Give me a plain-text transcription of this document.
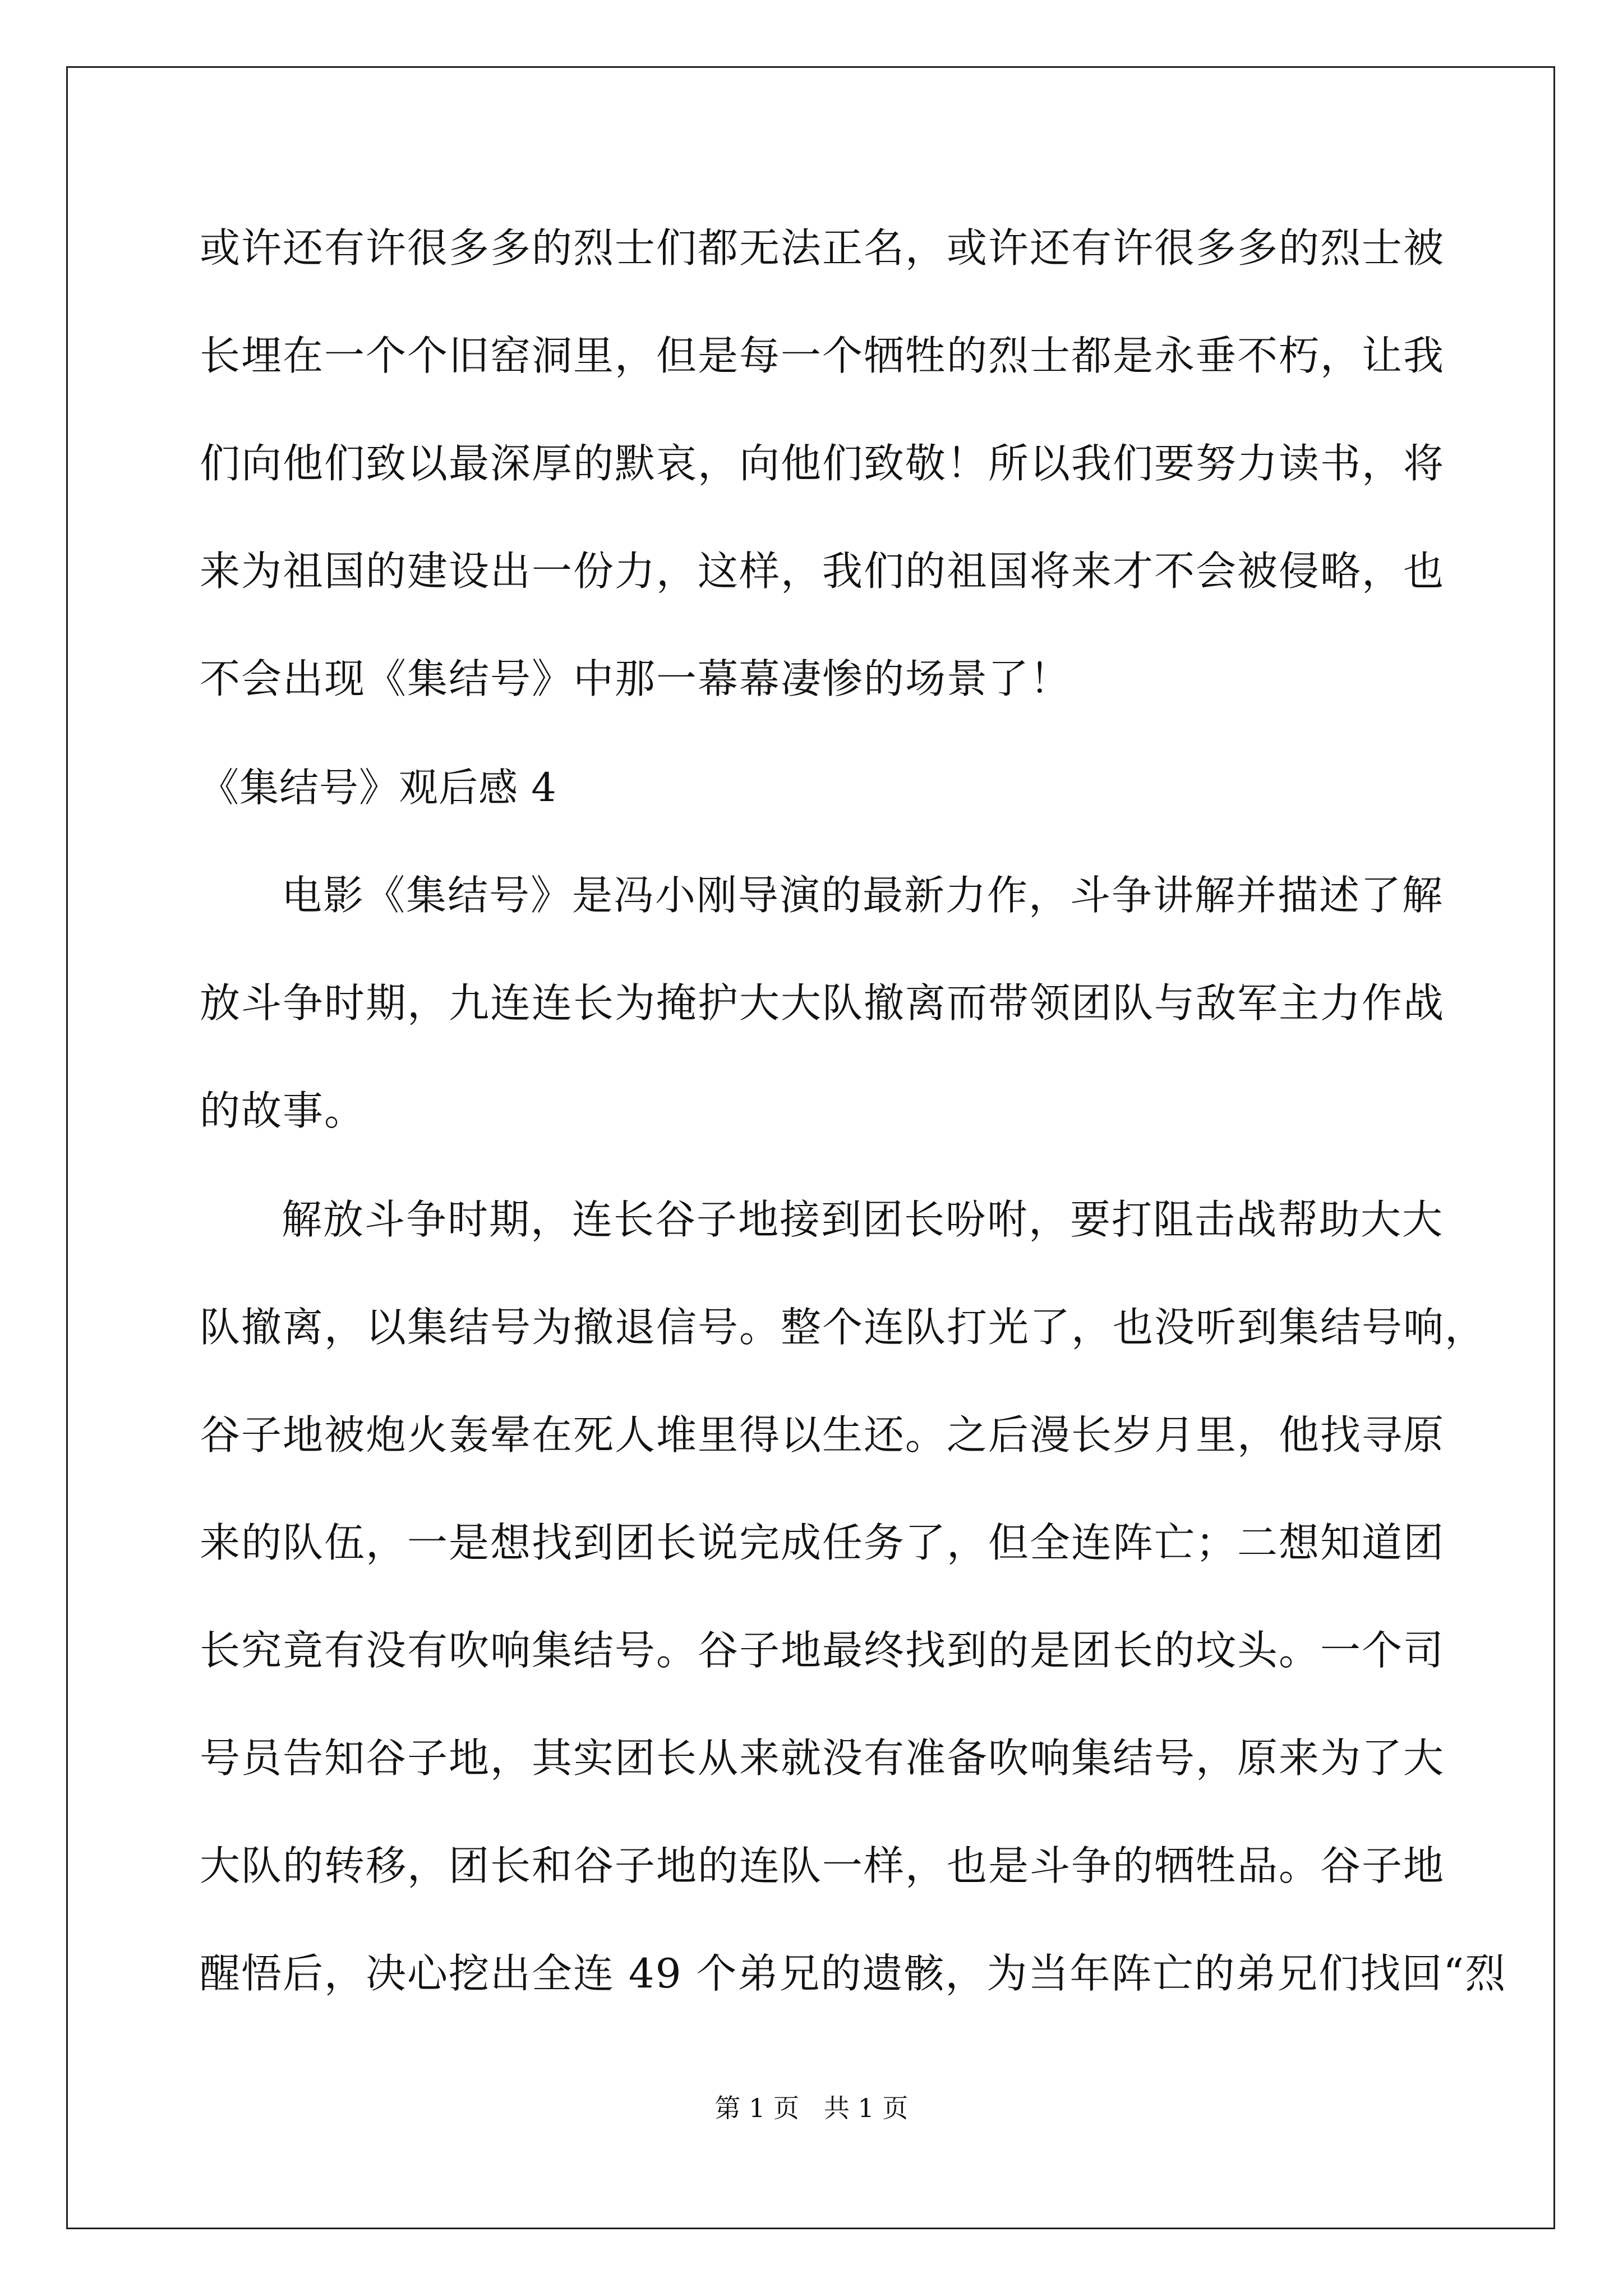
或许还有许很多多的烈士们都无法正名，或许还有许很多多的烈士被
长埋在一个个旧窑洞里，但是每一个牺牲的烈士都是永垂不朽，让我
们向他们致以最深厚的默哀，向他们致敬！所以我们要努力读书，将
来为祖国的建设出一份力，这样，我们的祖国将来才不会被侵略，也
不会出现《集结号》中那一幕幕凄惨的场景了！
《集结号》观后感 4
电影《集结号》是冯小刚导演的最新力作，斗争讲解并描述了解
放斗争时期，九连连长为掩护大大队撤离而带领团队与敌军主力作战
的故事。
解放斗争时期，连长谷子地接到团长吩咐，要打阻击战帮助大大
队撤离，以集结号为撤退信号。整个连队打光了，也没听到集结号响，
谷子地被炮火轰晕在死人堆里得以生还。之后漫长岁月里，他找寻原
来的队伍，一是想找到团长说完成任务了，但全连阵亡；二想知道团
长究竟有没有吹响集结号。谷子地最终找到的是团长的坟头。一个司
号员告知谷子地，其实团长从来就没有准备吹响集结号，原来为了大
大队的转移，团长和谷子地的连队一样，也是斗争的牺牲品。谷子地
醒悟后，决心挖出全连 49 个弟兄的遗骸，为当年阵亡的弟兄们找回“烈
第 1 页   共 1 页
